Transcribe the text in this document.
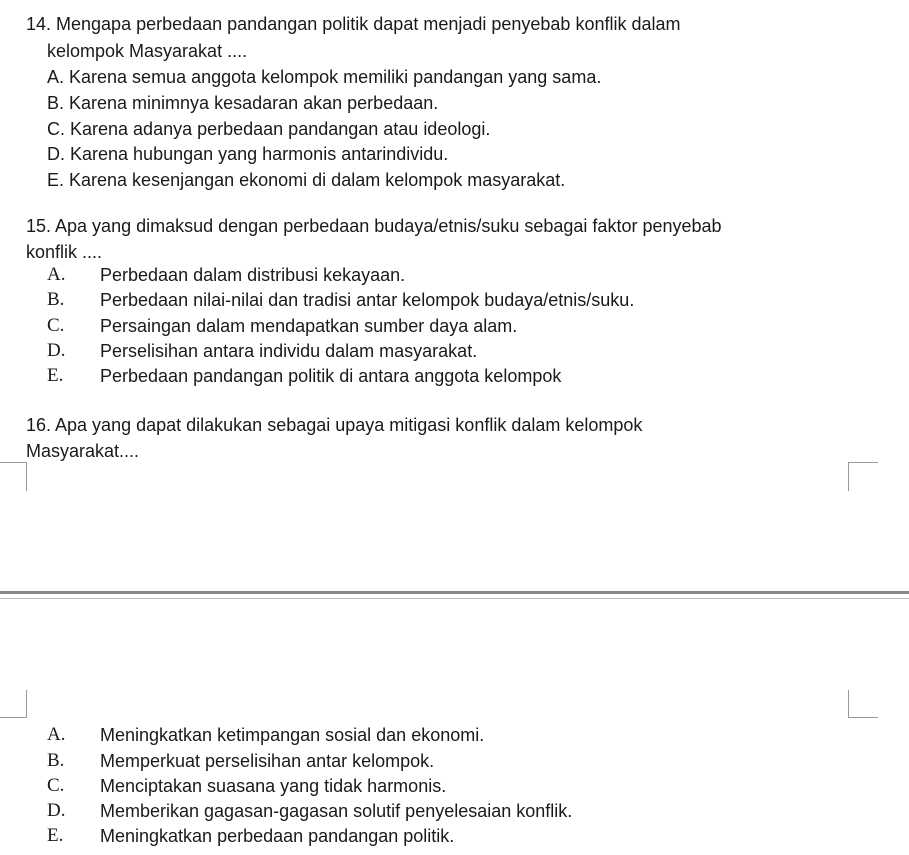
14. Mengapa perbedaan pandangan politik dapat menjadi penyebab konflik dalam
kelompok Masyarakat ....
A. Karena semua anggota kelompok memiliki pandangan yang sama.
B. Karena minimnya kesadaran akan perbedaan.
C. Karena adanya perbedaan pandangan atau ideologi.
D. Karena hubungan yang harmonis antarindividu.
E. Karena kesenjangan ekonomi di dalam kelompok masyarakat.
15. Apa yang dimaksud dengan perbedaan budaya/etnis/suku sebagai faktor penyebab
konflik ....
A. Perbedaan dalam distribusi kekayaan.
B. Perbedaan nilai-nilai dan tradisi antar kelompok budaya/etnis/suku.
C. Persaingan dalam mendapatkan sumber daya alam.
D. Perselisihan antara individu dalam masyarakat.
E. Perbedaan pandangan politik di antara anggota kelompok
16. Apa yang dapat dilakukan sebagai upaya mitigasi konflik dalam kelompok
Masyarakat....
A. Meningkatkan ketimpangan sosial dan ekonomi.
B. Memperkuat perselisihan antar kelompok.
C. Menciptakan suasana yang tidak harmonis.
D. Memberikan gagasan-gagasan solutif penyelesaian konflik.
E. Meningkatkan perbedaan pandangan politik.
